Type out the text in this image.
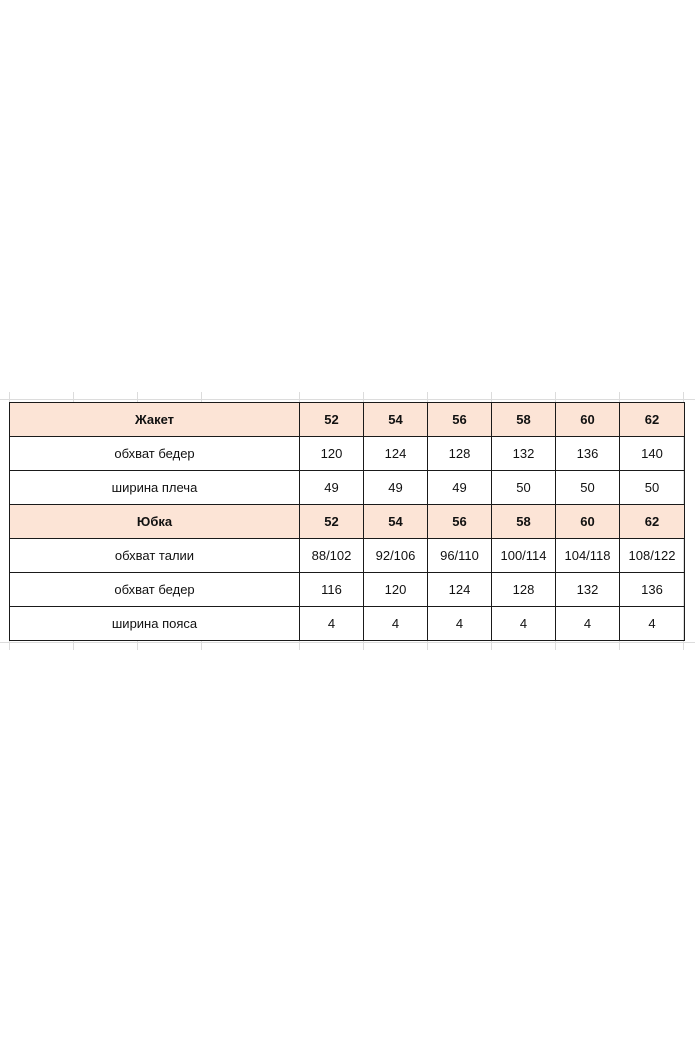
Жакет	52	54	56	58	60	62
обхват бедер	120	124	128	132	136	140
ширина плеча	49	49	49	50	50	50
Юбка	52	54	56	58	60	62
обхват талии	88/102	92/106	96/110	100/114	104/118	108/122
обхват бедер	116	120	124	128	132	136
ширина пояса	4	4	4	4	4	4
